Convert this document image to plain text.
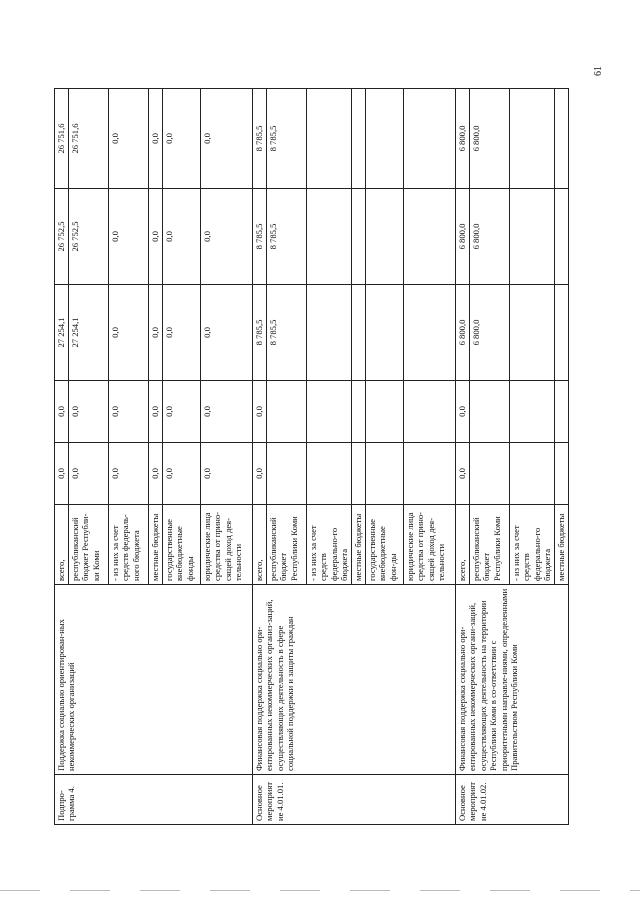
61
Подпро-грамма 4.	Поддержка социально ориентирован-ных некоммерческих организаций	всего,	0,0	0,0	27 254,1	26 752,5	26 751,6
		республиканский бюджет Республи-ки Коми	0,0	0,0	27 254,1	26 752,5	26 751,6
		- из них за счет средств федераль-ного бюджета	0,0	0,0	0,0	0,0	0,0
		местные бюджеты	0,0	0,0	0,0	0,0	0,0
		государственные внебюджетные фонды	0,0	0,0	0,0	0,0	0,0
		юридические лица средства от прино-сящей доход дея-тельности	0,0	0,0	0,0	0,0	0,0
Основное мероприятие 4.01.01.	Финансовая поддержка социально ори-ентированных некоммерческих организ-заций, осуществляющих деятельность в сфере социальной поддержки и защиты граждан	всего,	0,0	0,0	8 785,5	8 785,5	8 785,5
		республиканский бюджет Республики Коми			8 785,5	8 785,5	8 785,5
		- из них за счет средств федерально-го бюджета					
		местные бюджеты					
		государственные внебюджетные фон-ды					
		юридические лица средства от прино-сящей доход дея-тельности					
Основное мероприятие 4.01.02.	Финансовая поддержка социально ори-ентированных некоммерческих органи-заций, осуществляющих деятельность на территории Республики Коми в со-ответствии с приоритетными направле-ниями, определенными Правительством Республики Коми	всего,	0,0	0,0	6 800,0	6 800,0	6 800,0
		республиканский бюджет Республики Коми			6 800,0	6 800,0	6 800,0
		- из них за счет средств федерально-го бюджета					
		местные бюджеты					
